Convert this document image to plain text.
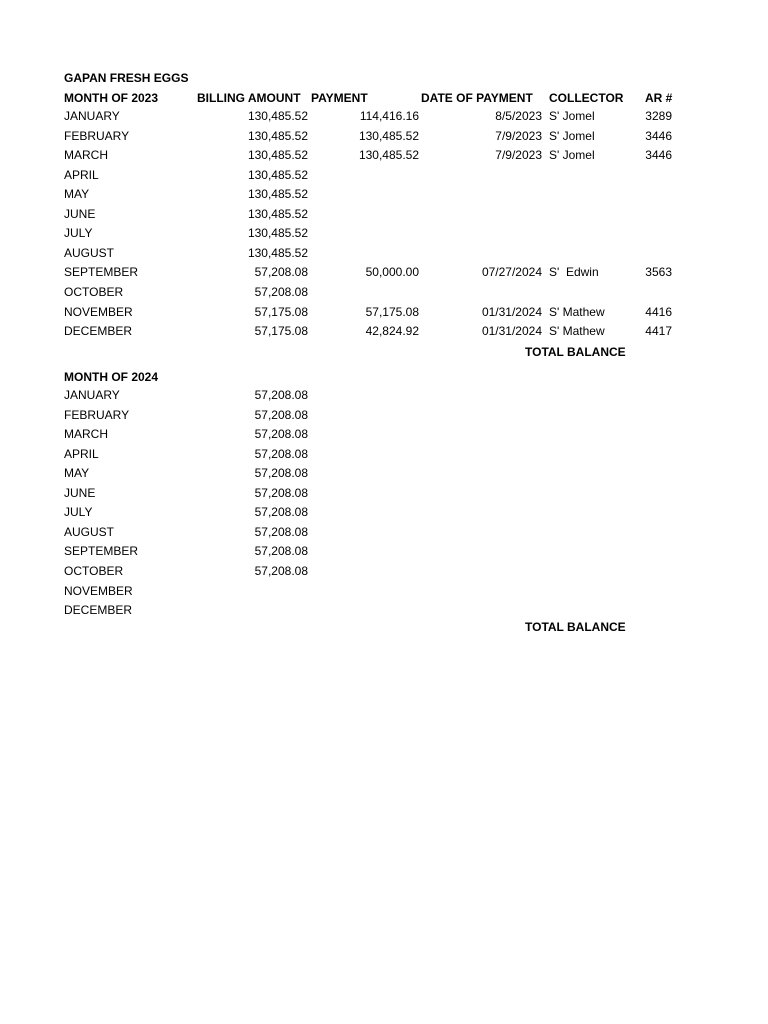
GAPAN FRESH EGGS
MONTH OF 2023	BILLING AMOUNT PAYMENT	DATE OF PAYMENT COLLECTOR AR #
JANUARY	130,485.52	114,416.16	8/5/2023 S' Jomel	3289
FEBRUARY	130,485.52	130,485.52	7/9/2023 S' Jomel	3446
MARCH	130,485.52	130,485.52	7/9/2023 S' Jomel	3446
APRIL	130,485.52
MAY	130,485.52
JUNE	130,485.52
JULY	130,485.52
AUGUST	130,485.52
SEPTEMBER	57,208.08	50,000.00	07/27/2024 S'  Edwin	3563
OCTOBER	57,208.08
NOVEMBER	57,175.08	57,175.08	01/31/2024 S' Mathew	4416
DECEMBER	57,175.08	42,824.92	01/31/2024 S' Mathew	4417
TOTAL BALANCE
MONTH OF 2024
JANUARY	57,208.08
FEBRUARY	57,208.08
MARCH	57,208.08
APRIL	57,208.08
MAY	57,208.08
JUNE	57,208.08
JULY	57,208.08
AUGUST	57,208.08
SEPTEMBER	57,208.08
OCTOBER	57,208.08
NOVEMBER
DECEMBER
TOTAL BALANCE
